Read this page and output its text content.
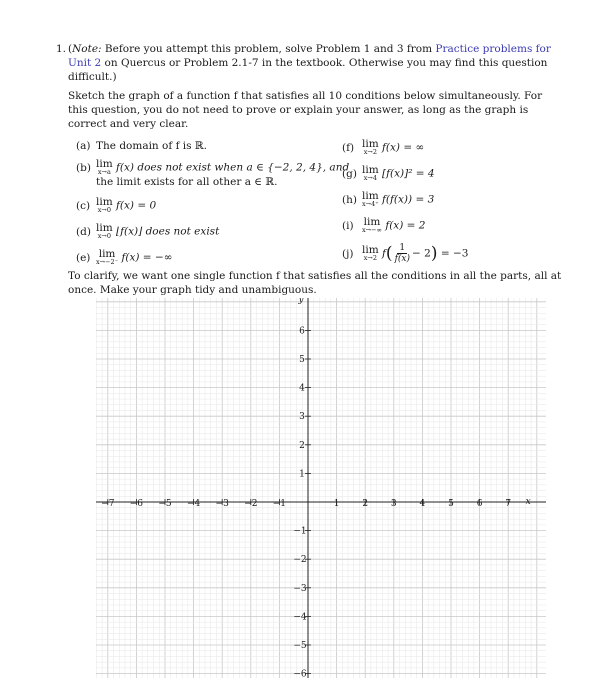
1. (Note: Before you attempt this problem, solve Problem 1 and 3 from Practice problems for Unit 2 on Quercus or Problem 2.1-7 in the textbook. Otherwise you may find this question difficult.)
Sketch the graph of a function f that satisfies all 10 conditions below simultaneously. For this question, you do not need to prove or explain your answer, as long as the graph is correct and very clear.
(a) The domain of f is ℝ.
(b) lim
x→a f(x) does not exist when a ∈ {−2, 2, 4}, and
the limit exists for all other a ∈ ℝ.
(c) lim
x→0 f(x) = 0
(d) lim
x→0 ⌊f(x)⌋ does not exist
(e) lim
x→−2⁻ f(x) = −∞
(f) lim
x→2 f(x) = ∞
(g) lim
x→4 [f(x)]² = 4
(h) lim
x→4⁺ f(f(x)) = 3
(i) lim
x→−∞ f(x) = 2
(j) lim
x→2 $f( \frac{1}{f(x)} - 2) = -3$
To clarify, we want one single function f that satisfies all the conditions in all the parts, all at once. Make your graph tidy and unambiguous.
−7 −6 −5 −4 −3 −2 −1	1	2	3	4	5	6	7
6
5
4
3
2
1
−1
−2
−3
−4
−5
−6
x
y
